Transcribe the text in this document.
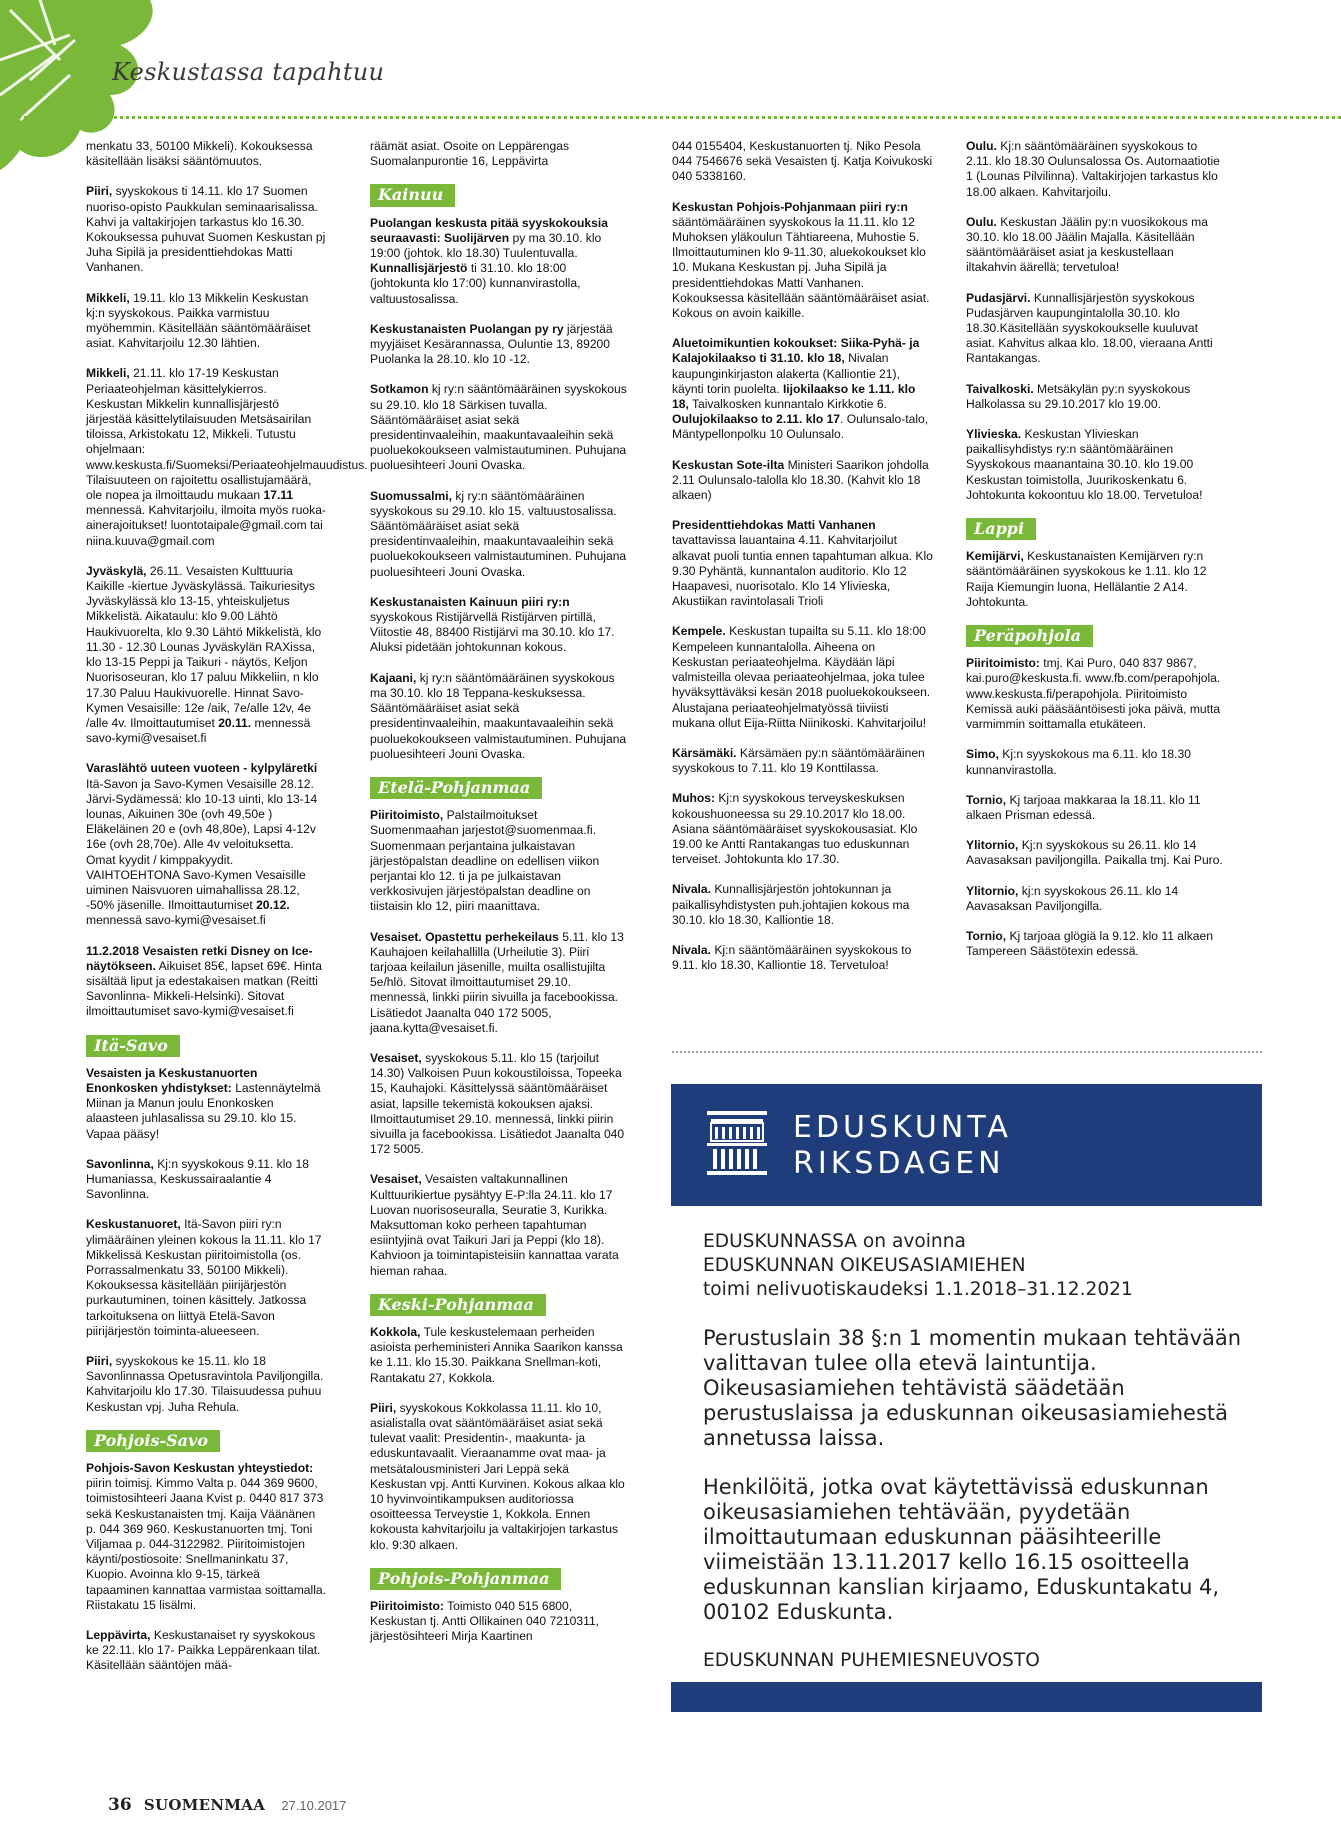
Keskustassa tapahtuu

menkatu 33, 50100 Mikkeli). Kokouksessa käsitellään lisäksi sääntömuutos.

Piiri, syyskokous ti 14.11. klo 17 Suomen nuoriso-opisto Paukkulan seminaarisalissa. Kahvi ja valtakirjojen tarkastus klo 16.30. Kokouksessa puhuvat Suomen Keskustan pj Juha Sipilä ja presidenttiehdokas Matti Vanhanen.

Mikkeli, 19.11. klo 13 Mikkelin Keskustan kj:n syyskokous. Paikka varmistuu myöhemmin. Käsitellään sääntömääräiset asiat. Kahvitarjoilu 12.30 lähtien.

Mikkeli, 21.11. klo 17-19 Keskustan Periaateohjelman käsittelykierros. Keskustan Mikkelin kunnallisjärjestö järjestää käsittelytilaisuuden Metsäsairilan tiloissa, Arkistokatu 12, Mikkeli. Tutustu ohjelmaan: www.keskusta.fi/Suomeksi/Periaateohjelmauudistus. Tilaisuuteen on rajoitettu osallistujamäärä, ole nopea ja ilmoittaudu mukaan 17.11 mennessä. Kahvitarjoilu, ilmoita myös ruoka-ainerajoitukset! luontotaipale@gmail.com tai niina.kuuva@gmail.com

Jyväskylä, 26.11. Vesaisten Kulttuuria Kaikille -kiertue Jyväskylässä. Taikuriesitys Jyväskylässä klo 13-15, yhteiskuljetus Mikkelistä. Aikataulu: klo 9.00 Lähtö Haukivuorelta, klo 9.30 Lähtö Mikkelistä, klo 11.30 - 12.30 Lounas Jyväskylän RAXissa, klo 13-15 Peppi ja Taikuri - näytös, Keljon Nuorisoseuran, klo 17 paluu Mikkeliin, n klo 17.30 Paluu Haukivuorelle. Hinnat Savo-Kymen Vesaisille: 12e /aik, 7e/alle 12v, 4e /alle 4v. Ilmoittautumiset 20.11. mennessä savo-kymi@vesaiset.fi

Varaslähtö uuteen vuoteen - kylpyläretki Itä-Savon ja Savo-Kymen Vesaisille 28.12. Järvi-Sydämessä: klo 10-13 uinti, klo 13-14 lounas, Aikuinen 30e (ovh 49,50e ) Eläkeläinen 20 e (ovh 48,80e), Lapsi 4-12v 16e (ovh 28,70e). Alle 4v veloituksetta. Omat kyydit / kimppakyydit. VAIHTOEHTONA Savo-Kymen Vesaisille uiminen Naisvuoren uimahallissa 28.12, -50% jäsenille. Ilmoittautumiset 20.12. mennessä savo-kymi@vesaiset.fi

11.2.2018 Vesaisten retki Disney on Ice- näytökseen. Aikuiset 85€, lapset 69€. Hinta sisältää liput ja edestakaisen matkan (Reitti Savonlinna- Mikkeli-Helsinki). Sitovat ilmoittautumiset savo-kymi@vesaiset.fi

Itä-Savo

Vesaisten ja Keskustanuorten Enonkosken yhdistykset: Lastennäytelmä Miinan ja Manun joulu Enonkosken alaasteen juhlasalissa su 29.10. klo 15. Vapaa pääsy!

Savonlinna, Kj:n syyskokous 9.11. klo 18 Humaniassa, Keskussairaalantie 4 Savonlinna.

Keskustanuoret, Itä-Savon piiri ry:n ylimääräinen yleinen kokous la 11.11. klo 17 Mikkelissä Keskustan piiritoimistolla (os. Porrassalmenkatu 33, 50100 Mikkeli). Kokouksessa käsitellään piirijärjestön purkautuminen, toinen käsittely. Jatkossa tarkoituksena on liittyä Etelä-Savon piirijärjestön toiminta-alueeseen.

Piiri, syyskokous ke 15.11. klo 18 Savonlinnassa Opetusravintola Paviljongilla. Kahvitarjoilu klo 17.30. Tilaisuudessa puhuu Keskustan vpj. Juha Rehula.

Pohjois-Savo

Pohjois-Savon Keskustan yhteystiedot: piirin toimisj. Kimmo Valta p. 044 369 9600, toimistosihteeri Jaana Kvist p. 0440 817 373 sekä Keskustanaisten tmj. Kaija Väänänen p. 044 369 960. Keskustanuorten tmj. Toni Viljamaa p. 044-3122982. Piiritoimistojen käynti/postiosoite: Snellmaninkatu 37, Kuopio. Avoinna klo 9-15, tärkeä tapaaminen kannattaa varmistaa soittamalla. Riistakatu 15 lisälmi.

Leppävirta, Keskustanaiset ry syyskokous ke 22.11. klo 17- Paikka Leppärenkaan tilat. Käsitellään sääntöjen mää-

räämät asiat. Osoite on Leppärengas Suomalanpurontie 16, Leppävirta

Kainuu

Puolangan keskusta pitää syyskokouksia seuraavasti: Suolijärven py ma 30.10. klo 19:00 (johtok. klo 18.30) Tuulentuvalla. Kunnallisjärjestö ti 31.10. klo 18:00 (johtokunta klo 17:00) kunnanvirastolla, valtuustosalissa.

Keskustanaisten Puolangan py ry järjestää myyjäiset Kesärannassa, Ouluntie 13, 89200 Puolanka la 28.10. klo 10 -12.

Sotkamon kj ry:n sääntömääräinen syyskokous su 29.10. klo 18 Särkisen tuvalla. Sääntömääräiset asiat sekä presidentinvaaleihin, maakuntavaaleihin sekä puoluekokoukseen valmistautuminen. Puhujana puoluesihteeri Jouni Ovaska.

Suomussalmi, kj ry:n sääntömääräinen syyskokous su 29.10. klo 15. valtuustosalissa. Sääntömääräiset asiat sekä presidentinvaaleihin, maakuntavaaleihin sekä puoluekokoukseen valmistautuminen. Puhujana puoluesihteeri Jouni Ovaska.

Keskustanaisten Kainuun piiri ry:n syyskokous Ristijärvellä Ristijärven pirtillä, Viitostie 48, 88400 Ristijärvi ma 30.10. klo 17. Aluksi pidetään johtokunnan kokous.

Kajaani, kj ry:n sääntömääräinen syyskokous ma 30.10. klo 18 Teppana-keskuksessa. Sääntömääräiset asiat sekä presidentinvaaleihin, maakuntavaaleihin sekä puoluekokoukseen valmistautuminen. Puhujana puoluesihteeri Jouni Ovaska.

Etelä-Pohjanmaa

Piiritoimisto, Palstailmoitukset Suomenmaahan jarjestot@suomenmaa.fi. Suomenmaan perjantaina julkaistavan järjestöpalstan deadline on edellisen viikon perjantai klo 12. ti ja pe julkaistavan verkkosivujen järjestöpalstan deadline on tiistaisin klo 12, piiri maanittava.

Vesaiset. Opastettu perhekeilaus 5.11. klo 13 Kauhajoen keilahallilla (Urheilutie 3). Piiri tarjoaa keilailun jäsenille, muilta osallistujilta 5e/hlö. Sitovat ilmoittautumiset 29.10. mennessä, linkki piirin sivuilla ja facebookissa. Lisätiedot Jaanalta 040 172 5005, jaana.kytta@vesaiset.fi.

Vesaiset, syyskokous 5.11. klo 15 (tarjoilut 14.30) Valkoisen Puun kokoustiloissa, Topeeka 15, Kauhajoki. Käsittelyssä sääntömääräiset asiat, lapsille tekemistä kokouksen ajaksi. Ilmoittautumiset 29.10. mennessä, linkki piirin sivuilla ja facebookissa. Lisätiedot Jaanalta 040 172 5005.

Vesaiset, Vesaisten valtakunnallinen Kulttuurikiertue pysähtyy E-P:lla 24.11. klo 17 Luovan nuorisoseuralla, Seuratie 3, Kurikka. Maksuttoman koko perheen tapahtuman esiintyjinä ovat Taikuri Jari ja Peppi (klo 18). Kahvioon ja toimintapisteisiin kannattaa varata hieman rahaa.

Keski-Pohjanmaa

Kokkola, Tule keskustelemaan perheiden asioista perheministeri Annika Saarikon kanssa ke 1.11. klo 15.30. Paikkana Snellman-koti, Rantakatu 27, Kokkola.

Piiri, syyskokous Kokkolassa 11.11. klo 10, asialistalla ovat sääntömääräiset asiat sekä tulevat vaalit: Presidentin-, maakunta- ja eduskuntavaalit. Vieraanamme ovat maa- ja metsätalousministeri Jari Leppä sekä Keskustan vpj. Antti Kurvinen. Kokous alkaa klo 10 hyvinvointikampuksen auditoriossa osoitteessa Terveystie 1, Kokkola. Ennen kokousta kahvitarjoilu ja valtakirjojen tarkastus klo. 9:30 alkaen.

Pohjois-Pohjanmaa

Piiritoimisto: Toimisto 040 515 6800, Keskustan tj. Antti Ollikainen 040 7210311, järjestösihteeri Mirja Kaartinen

044 0155404, Keskustanuorten tj. Niko Pesola 044 7546676 sekä Vesaisten tj. Katja Koivukoski 040 5338160.

Keskustan Pohjois-Pohjanmaan piiri ry:n sääntömääräinen syyskokous la 11.11. klo 12 Muhoksen yläkoulun Tähtiareena, Muhostie 5. Ilmoittautuminen klo 9-11.30, aluekokoukset klo 10. Mukana Keskustan pj. Juha Sipilä ja presidenttiehdokas Matti Vanhanen. Kokouksessa käsitellään sääntömääräiset asiat. Kokous on avoin kaikille.

Aluetoimikuntien kokoukset: Siika-Pyhä- ja Kalajokilaakso ti 31.10. klo 18, Nivalan kaupunginkirjaston alakerta (Kalliontie 21), käynti torin puolelta. Iijokilaakso ke 1.11. klo 18, Taivalkosken kunnantalo Kirkkotie 6. Oulujokilaakso to 2.11. klo 17. Oulunsalo-talo, Mäntypellonpolku 10 Oulunsalo.

Keskustan Sote-ilta Ministeri Saarikon johdolla 2.11 Oulunsalo-talolla klo 18.30. (Kahvit klo 18 alkaen)

Presidenttiehdokas Matti Vanhanen tavattavissa lauantaina 4.11. Kahvitarjoilut alkavat puoli tuntia ennen tapahtuman alkua. Klo 9.30 Pyhäntä, kunnantalon auditorio. Klo 12 Haapavesi, nuorisotalo. Klo 14 Ylivieska, Akustiikan ravintolasali Trioli

Kempele. Keskustan tupailta su 5.11. klo 18:00 Kempeleen kunnantalolla. Aiheena on Keskustan periaateohjelma. Käydään läpi valmisteilla olevaa periaateohjelmaa, joka tulee hyväksyttäväksi kesän 2018 puoluekokoukseen. Alustajana periaateohjelmatyössä tiiviisti mukana ollut Eija-Riitta Niinikoski. Kahvitarjoilu!

Kärsämäki. Kärsämäen py:n sääntömääräinen syyskokous to 7.11. klo 19 Konttilassa.

Muhos: Kj:n syyskokous terveyskeskuksen kokoushuoneessa su 29.10.2017 klo 18.00. Asiana sääntömääräiset syyskokousasiat. Klo 19.00 ke Antti Rantakangas tuo eduskunnan terveiset. Johtokunta klo 17.30.

Nivala. Kunnallisjärjestön johtokunnan ja paikallisyhdistysten puh.johtajien kokous ma 30.10. klo 18.30, Kalliontie 18.

Nivala. Kj:n sääntömääräinen syyskokous to 9.11. klo 18.30, Kalliontie 18. Tervetuloa!

Oulu. Kj:n sääntömääräinen syyskokous to 2.11. klo 18.30 Oulunsalossa Os. Automaatiotie 1 (Lounas Pilvilinna). Valtakirjojen tarkastus klo 18.00 alkaen. Kahvitarjoilu.

Oulu. Keskustan Jäälin py:n vuosikokous ma 30.10. klo 18.00 Jäälin Majalla. Käsitellään sääntömääräiset asiat ja keskustellaan iltakahvin äärellä; tervetuloa!

Pudasjärvi. Kunnallisjärjestön syyskokous Pudasjärven kaupungintalolla 30.10. klo 18.30.Käsitellään syyskokoukselle kuuluvat asiat. Kahvitus alkaa klo. 18.00, vieraana Antti Rantakangas.

Taivalkoski. Metsäkylän py:n syyskokous Halkolassa su 29.10.2017 klo 19.00.

Ylivieska. Keskustan Ylivieskan paikallisyhdistys ry:n sääntömääräinen Syyskokous maanantaina 30.10. klo 19.00 Keskustan toimistolla, Juurikoskenkatu 6. Johtokunta kokoontuu klo 18.00. Tervetuloa!

Lappi

Kemijärvi, Keskustanaisten Kemijärven ry:n sääntömääräinen syyskokous ke 1.11. klo 12 Raija Kiemungin luona, Hellälantie 2 A14. Johtokunta.

Peräpohjola

Piiritoimisto: tmj. Kai Puro, 040 837 9867, kai.puro@keskusta.fi. www.fb.com/perapohjola. www.keskusta.fi/perapohjola. Piiritoimisto Kemissä auki pääsääntöisesti joka päivä, mutta varmimmin soittamalla etukäteen.

Simo, Kj:n syyskokous ma 6.11. klo 18.30 kunnanvirastolla.

Tornio, Kj tarjoaa makkaraa la 18.11. klo 11 alkaen Prisman edessä.

Ylitornio, Kj:n syyskokous su 26.11. klo 14 Aavasaksan paviljongilla. Paikalla tmj. Kai Puro.

Ylitornio, kj:n syyskokous 26.11. klo 14 Aavasaksan Paviljongilla.

Tornio, Kj tarjoaa glögiä la 9.12. klo 11 alkaen Tampereen Säästötexin edessä.

EDUSKUNTA
RIKSDAGEN

EDUSKUNNASSA on avoinna
EDUSKUNNAN OIKEUSASIAMIEHEN
toimi nelivuotiskaudeksi 1.1.2018–31.12.2021

Perustuslain 38 §:n 1 momentin mukaan tehtävään valittavan tulee olla etevä laintuntija. Oikeusasiamiehen tehtävistä säädetään perustuslaissa ja eduskunnan oikeusasiamiehestä annetussa laissa.

Henkilöitä, jotka ovat käytettävissä eduskunnan oikeusasiamiehen tehtävään, pyydetään ilmoittautumaan eduskunnan pääsihteerille viimeistään 13.11.2017 kello 16.15 osoitteella eduskunnan kanslian kirjaamo, Eduskuntakatu 4, 00102 Eduskunta.

EDUSKUNNAN PUHEMIESNEUVOSTO

36 SUOMENMAA 27.10.2017
